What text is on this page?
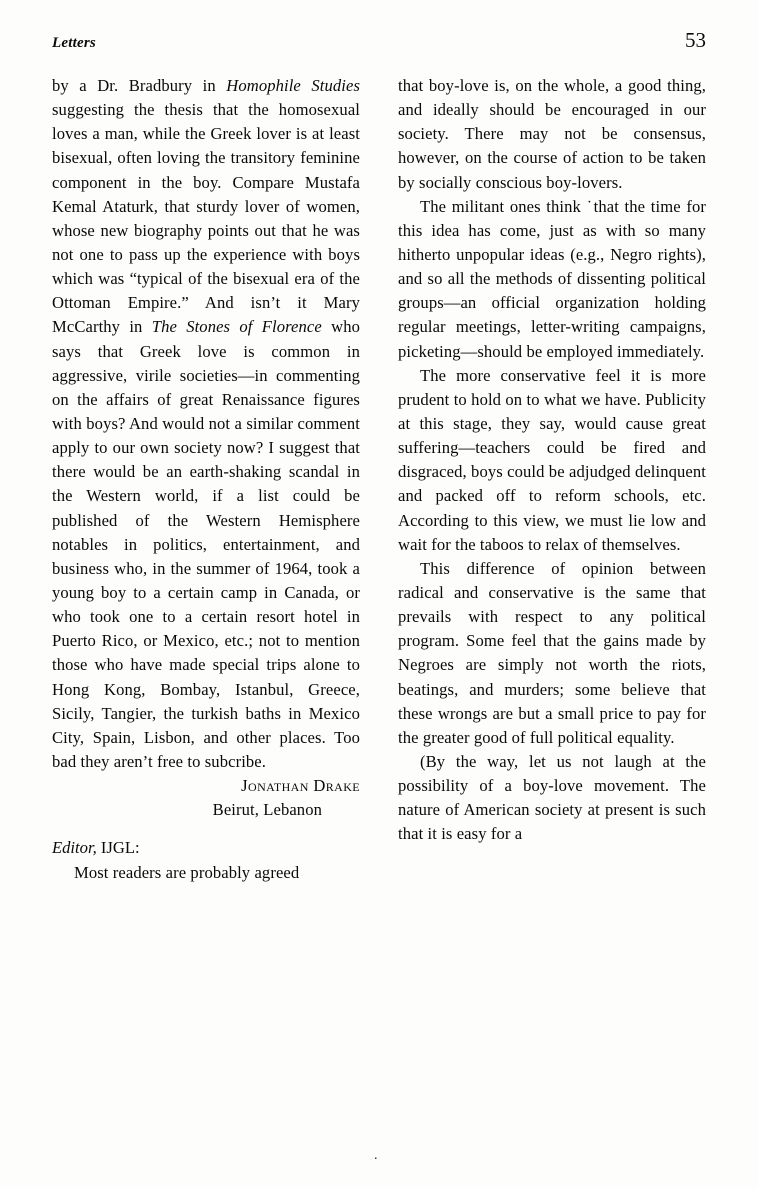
Letters	53

by a Dr. Bradbury in Homophile Studies suggesting the thesis that the homosexual loves a man, while the Greek lover is at least bisexual, often loving the transitory feminine component in the boy. Compare Mustafa Kemal Ataturk, that sturdy lover of women, whose new biography points out that he was not one to pass up the experience with boys which was “typical of the bisexual era of the Ottoman Empire.” And isn’t it Mary McCarthy in The Stones of Florence who says that Greek love is common in aggressive, virile societies—in commenting on the affairs of great Renaissance figures with boys? And would not a similar comment apply to our own society now? I suggest that there would be an earth-shaking scandal in the Western world, if a list could be published of the Western Hemisphere notables in politics, entertainment, and business who, in the summer of 1964, took a young boy to a certain camp in Canada, or who took one to a certain resort hotel in Puerto Rico, or Mexico, etc.; not to mention those who have made special trips alone to Hong Kong, Bombay, Istanbul, Greece, Sicily, Tangier, the turkish baths in Mexico City, Spain, Lisbon, and other places. Too bad they aren’t free to subcribe.

Jonathan Drake

Beirut, Lebanon

Editor, IJGL:

Most readers are probably agreed

that boy-love is, on the whole, a good thing, and ideally should be encouraged in our society. There may not be consensus, however, on the course of action to be taken by socially conscious boy-lovers.

The militant ones think ˙that the time for this idea has come, just as with so many hitherto unpopular ideas (e.g., Negro rights), and so all the methods of dissenting political groups—an official organization holding regular meetings, letter-writing campaigns, picketing—should be employed immediately.

The more conservative feel it is more prudent to hold on to what we have. Publicity at this stage, they say, would cause great suffering—teachers could be fired and disgraced, boys could be adjudged delinquent and packed off to reform schools, etc. According to this view, we must lie low and wait for the taboos to relax of themselves.

This difference of opinion between radical and conservative is the same that prevails with respect to any political program. Some feel that the gains made by Negroes are simply not worth the riots, beatings, and murders; some believe that these wrongs are but a small price to pay for the greater good of full political equality.

(By the way, let us not laugh at the possibility of a boy-love movement. The nature of American society at present is such that it is easy for a

.
